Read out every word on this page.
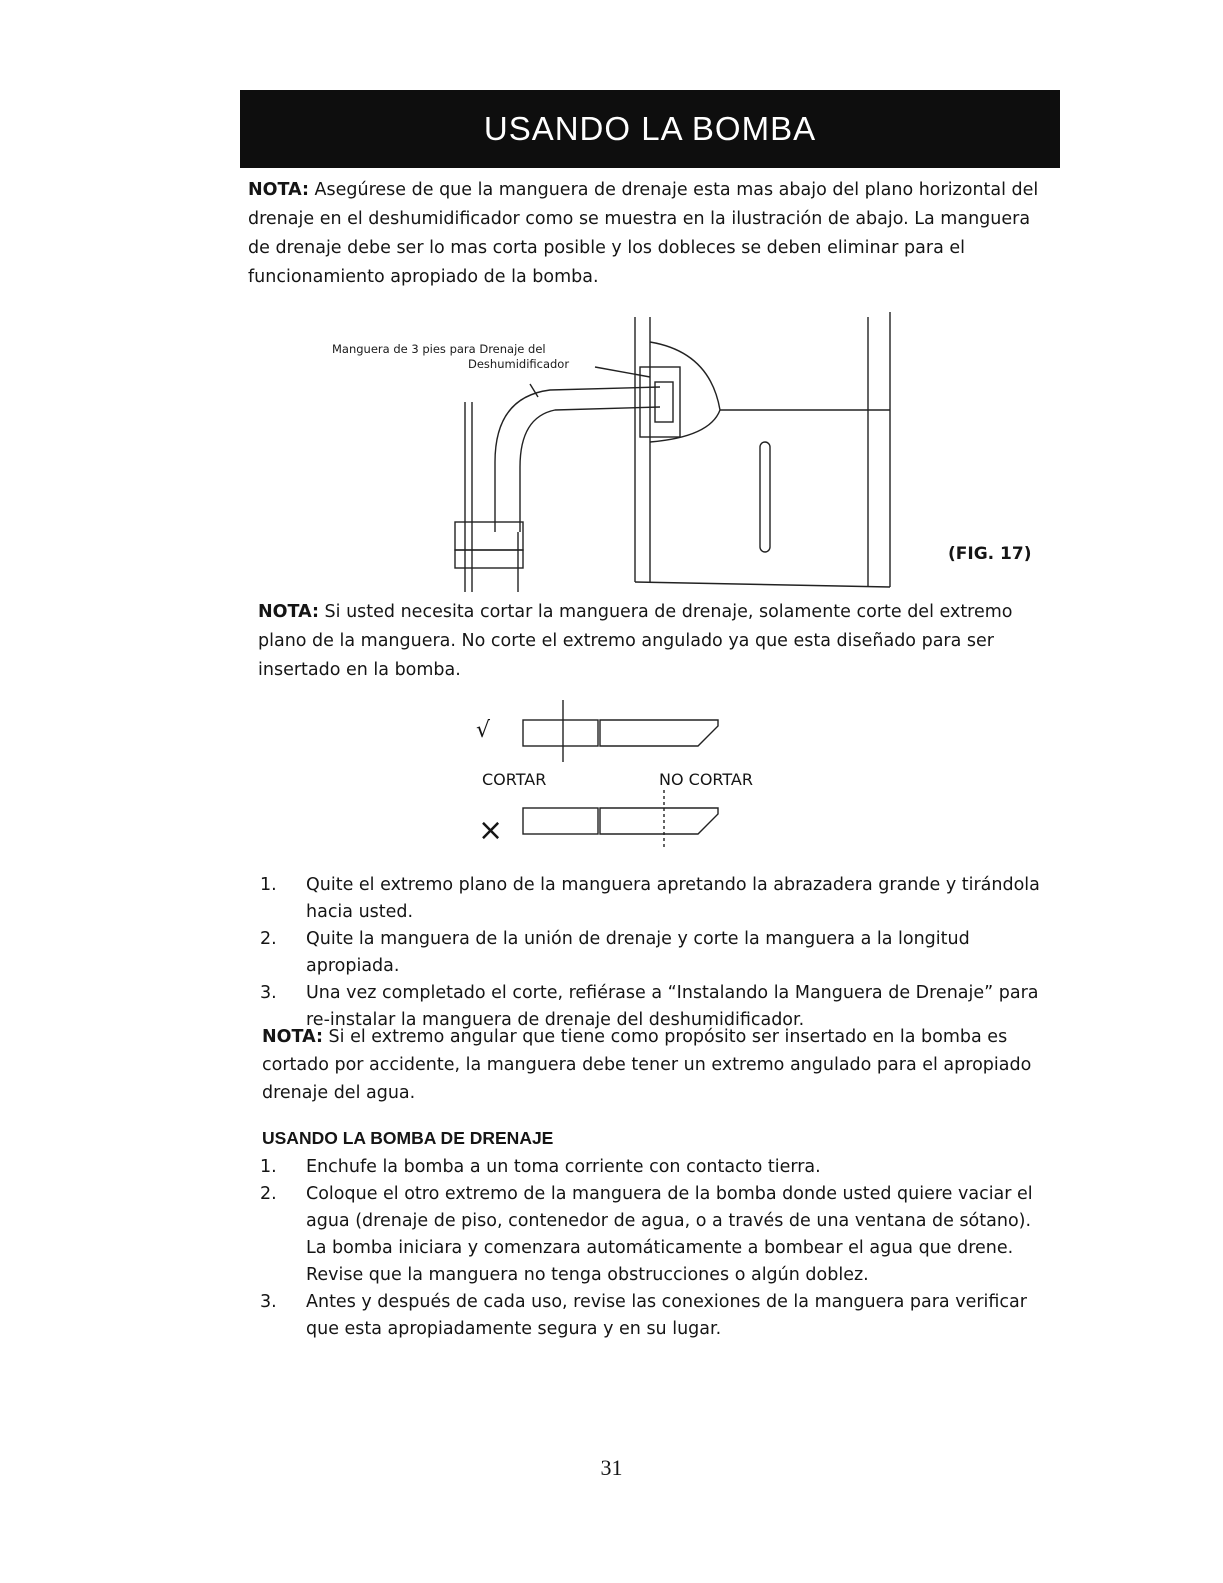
USANDO LA BOMBA

NOTA: Asegúrese de que la manguera de drenaje esta mas abajo del plano horizontal del drenaje en el deshumidificador como se muestra en la ilustración de abajo. La manguera de drenaje debe ser lo mas corta posible y los dobleces se deben eliminar para el funcionamiento apropiado de la bomba.

Manguera de 3 pies para Drenaje del
Deshumidificador
(FIG. 17)

NOTA: Si usted necesita cortar la manguera de drenaje, solamente corte del extremo plano de la manguera. No corte el extremo angulado ya que esta diseñado para ser insertado en la bomba.

√
×
CORTAR	NO CORTAR
1. Quite el extremo plano de la manguera apretando la abrazadera grande y tirándola hacia usted.
2. Quite la manguera de la unión de drenaje y corte la manguera a la longitud apropiada.
3. Una vez completado el corte, refiérase a “Instalando la Manguera de Drenaje” para re-instalar la manguera de drenaje del deshumidificador.

NOTA: Si el extremo angular que tiene como propósito ser insertado en la bomba es cortado por accidente, la manguera debe tener un extremo angulado para el apropiado drenaje del agua.

USANDO LA BOMBA DE DRENAJE
1. Enchufe la bomba a un toma corriente con contacto tierra.
2. Coloque el otro extremo de la manguera de la bomba donde usted quiere vaciar el agua (drenaje de piso, contenedor de agua, o a través de una ventana de sótano). La bomba iniciara y comenzara automáticamente a bombear el agua que drene. Revise que la manguera no tenga obstrucciones o algún doblez.
3. Antes y después de cada uso, revise las conexiones de la manguera para verificar que esta apropiadamente segura y en su lugar.
31
